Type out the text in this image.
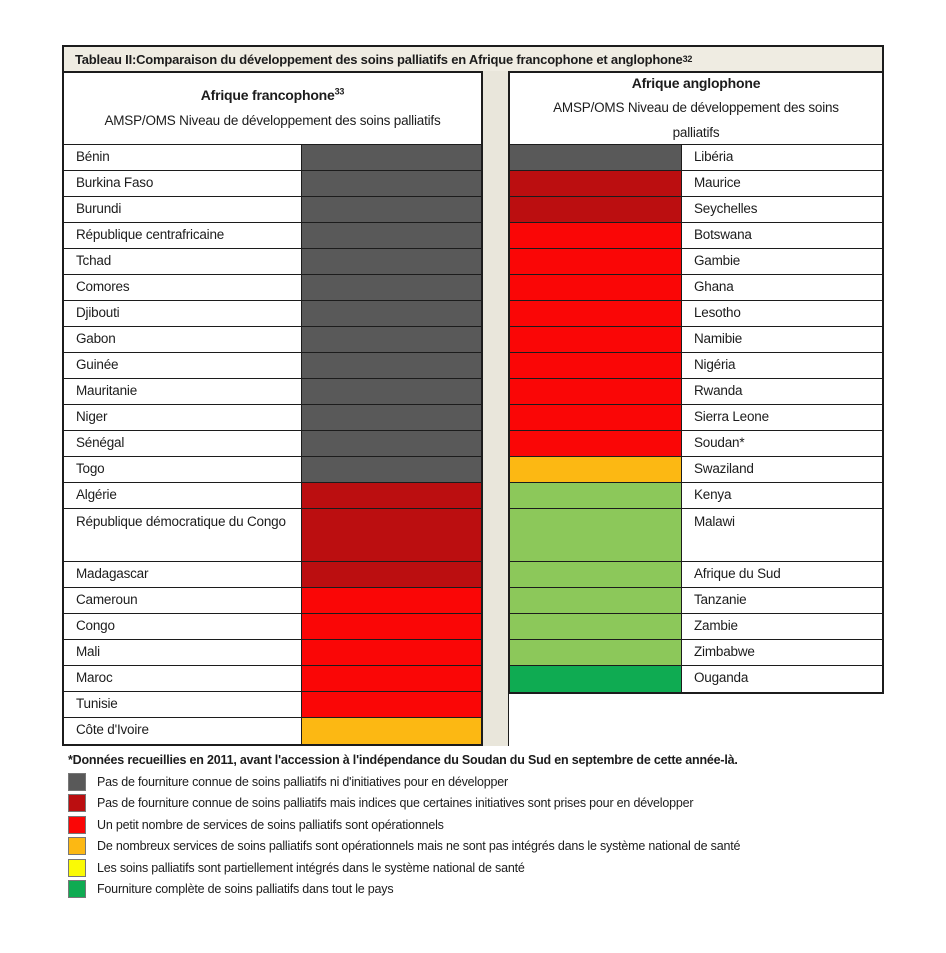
Tableau II:Comparaison du développement des soins palliatifs en Afrique francophone et anglophone 32
Afrique francophone$^{33}$
AMSP/OMS Niveau de développement des soins palliatifs
Bénin
Burkina Faso
Burundi
République centrafricaine
Tchad
Comores
Djibouti
Gabon
Guinée
Mauritanie
Niger
Sénégal
Togo
Algérie
République démocratique du Congo
Madagascar
Cameroun
Congo
Mali
Maroc
Tunisie
Côte d'Ivoire
Afrique anglophone
AMSP/OMS Niveau de développement des soins palliatifs
Libéria
Maurice
Seychelles
Botswana
Gambie
Ghana
Lesotho
Namibie
Nigéria
Rwanda
Sierra Leone
Soudan*
Swaziland
Kenya
Malawi
Afrique du Sud
Tanzanie
Zambie
Zimbabwe
Ouganda
*Données recueillies en 2011, avant l'accession à l'indépendance du Soudan du Sud en septembre de cette année-là.
Pas de fourniture connue de soins palliatifs ni d'initiatives pour en développer
Pas de fourniture connue de soins palliatifs mais indices que certaines initiatives sont prises pour en développer
Un petit nombre de services de soins palliatifs sont opérationnels
De nombreux services de soins palliatifs sont opérationnels mais ne sont pas intégrés dans le système national de santé
Les soins palliatifs sont partiellement intégrés dans le système national de santé
Fourniture complète de soins palliatifs dans tout le pays
